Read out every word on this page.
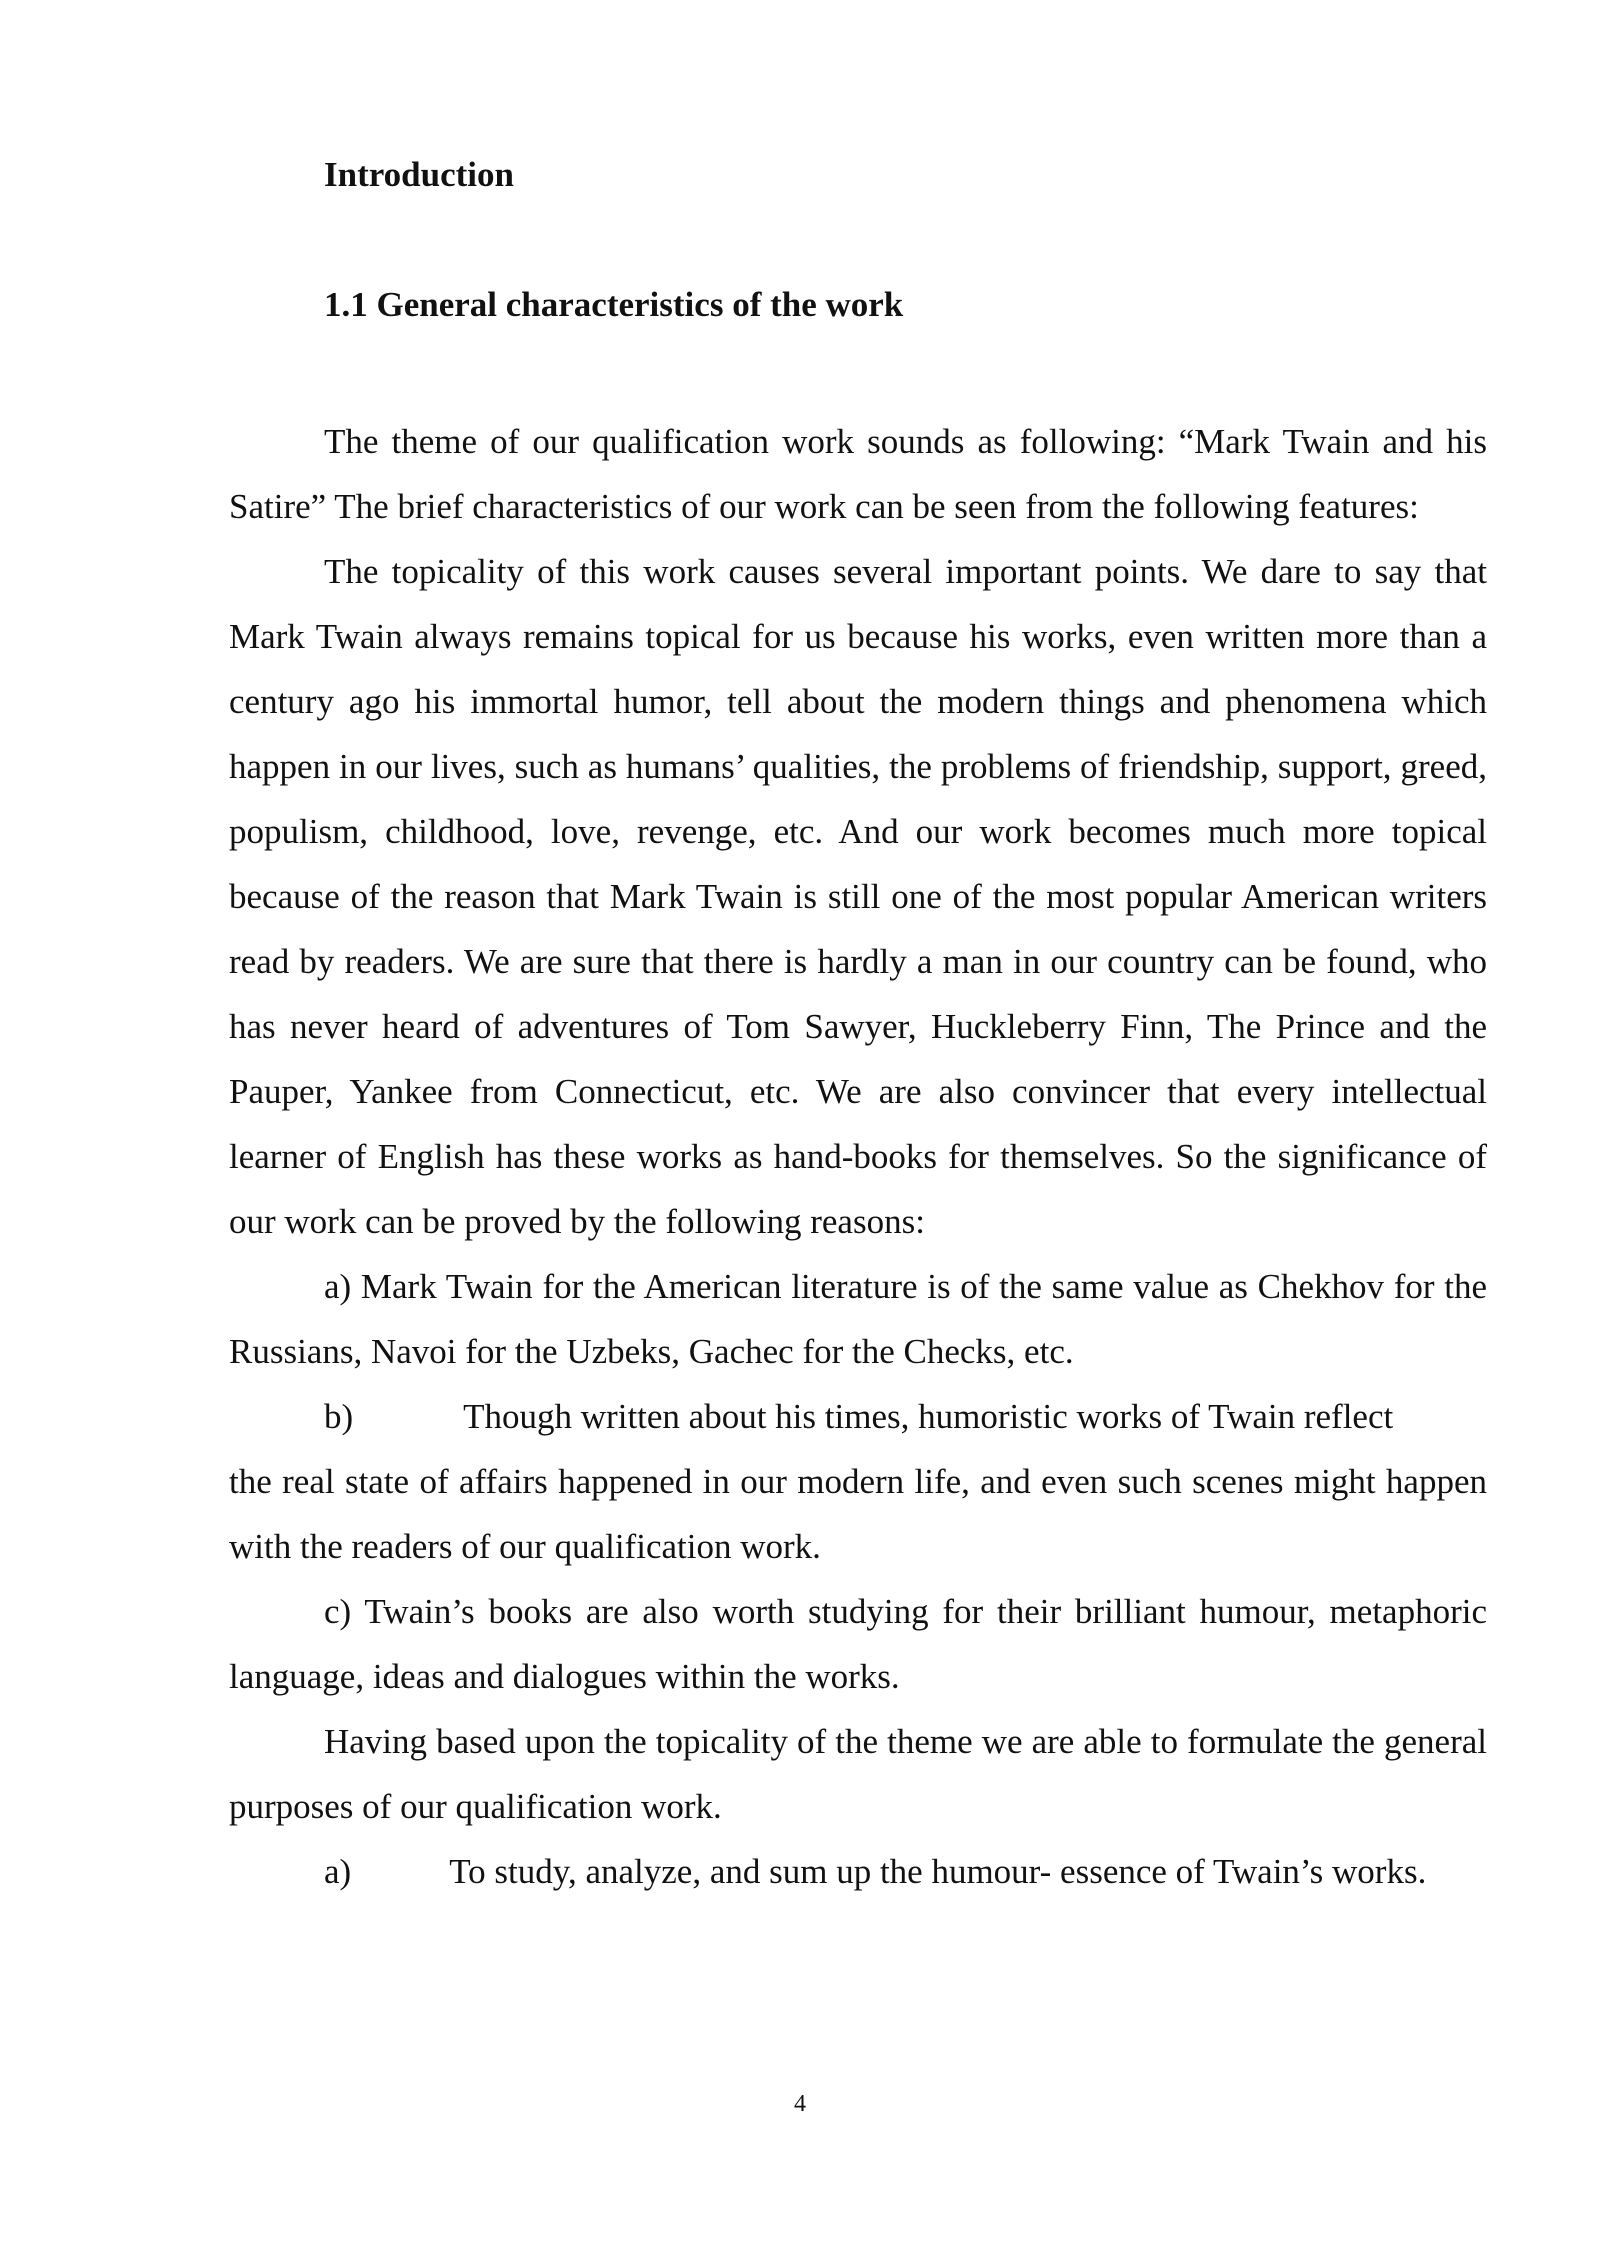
Introduction
1.1 General characteristics of the work

The theme of our qualification work sounds as following: “Mark Twain and his Satire” The brief characteristics of our work can be seen from the following features:

The topicality of this work causes several important points. We dare to say that Mark Twain always remains topical for us because his works, even written more than a century ago his immortal humor, tell about the modern things and phenomena which happen in our lives, such as humans’ qualities, the problems of friendship, support, greed, populism, childhood, love, revenge, etc. And our work becomes much more topical because of the reason that Mark Twain is still one of the most popular American writers read by readers. We are sure that there is hardly a man in our country can be found, who has never heard of adventures of Tom Sawyer, Huckleberry Finn, The Prince and the Pauper, Yankee from Connecticut, etc. We are also convincer that every intellectual learner of English has these works as hand-books for themselves. So the significance of our work can be proved by the following reasons:

a) Mark Twain for the American literature is of the same value as Chekhov for the Russians, Navoi for the Uzbeks, Gachec for the Checks, etc.

b)	Though written about his times, humoristic works of Twain reflect

the real state of affairs happened in our modern life, and even such scenes might happen with the readers of our qualification work.

c) Twain’s books are also worth studying for their brilliant humour, metaphoric language, ideas and dialogues within the works.

Having based upon the topicality of the theme we are able to formulate the general purposes of our qualification work.

a)	To study, analyze, and sum up the humour- essence of Twain’s works.
4
